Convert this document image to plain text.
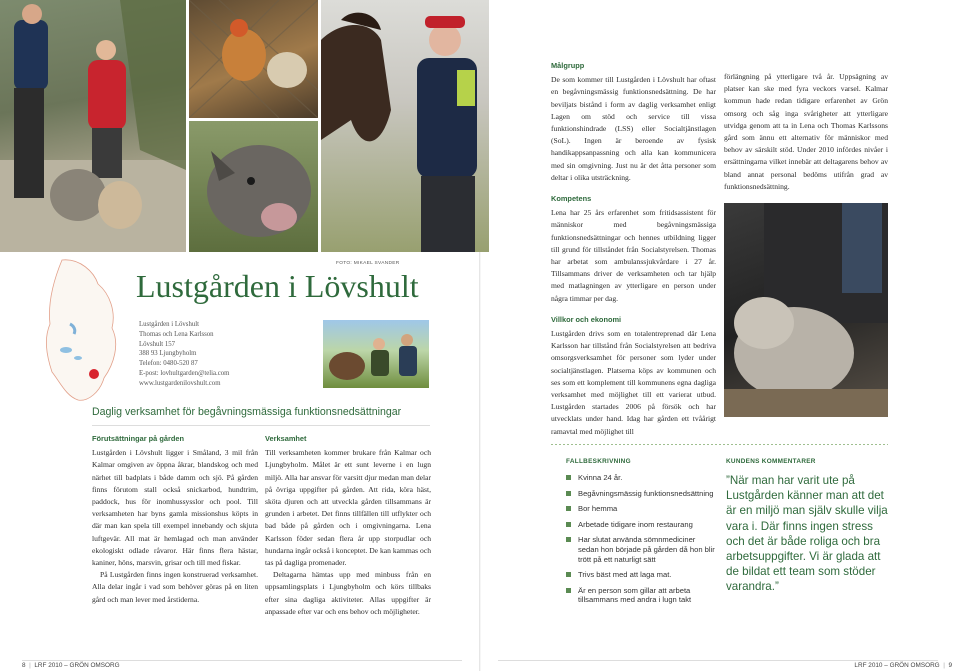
FOTO: MIKAEL SVANDER
Lustgården i Lövshult
Lustgården i Lövshult
Thomas och Lena Karlsson
Lövshult 157
388 93 Ljungbyholm
Telefon: 0480-520 87
E-post: lovhultgarden@telia.com
www.lustgardenilovshult.com
Daglig verksamhet för begåvningsmässiga funktionsnedsättningar
Förutsättningar på gården

Lustgården i Lövshult ligger i Småland, 3 mil från Kalmar omgiven av öppna åkrar, blandskog och med närhet till badplats i både damm och sjö. På gården finns förutom stall också snickarbod, hundtrim, paddock, hus för inomhussysslor och pool. Till verksamheten har byns gamla missionshus köpts in där man kan spela till exempel innebandy och skjuta luftgevär. All mat är hemlagad och man använder ekologiskt odlade råvaror. Här finns flera hästar, kaniner, höns, marsvin, grisar och till med fiskar.

På Lustgården finns ingen konstruerad verksamhet. Alla delar ingår i vad som behöver göras på en liten gård och man lever med årstiderna.

Verksamhet

Till verksamheten kommer brukare från Kalmar och Ljungbyholm. Målet är ett sunt leverne i en lugn miljö. Alla har ansvar för varsitt djur medan man delar på övriga uppgifter på gården. Att rida, köra häst, sköta djuren och att utveckla gården tillsammans är grunden i arbetet. Det finns tillfällen till utflykter och bad både på gården och i omgivningarna. Lena Karlsson föder sedan flera år upp storpudlar och hundarna ingår också i konceptet. De kan kammas och tas på dagliga promenader.

Deltagarna hämtas upp med minbuss från en uppsamlingsplats i Ljungbyholm och körs tillbaks efter sina dagliga aktiviteter. Allas uppgifter är anpassade efter var och ens behov och möjligheter.

Målgrupp

De som kommer till Lustgården i Lövshult har oftast en begåvningsmässig funktionsnedsättning. De har beviljats bistånd i form av daglig verksamhet enligt Lagen om stöd och service till vissa funktionshindrade (LSS) eller Socialtjänstlagen (SoL). Ingen är beroende av fysisk handikappsanpassning och alla kan kommunicera med sin omgivning. Just nu är det åtta personer som deltar i olika utsträckning.

Kompetens

Lena har 25 års erfarenhet som fritidsassistent för människor med begåvningsmässiga funktionsnedsättningar och hennes utbildning ligger till grund för tillståndet från Socialstyrelsen. Thomas har arbetat som ambulanssjukvårdare i 27 år. Tillsammans driver de verksamheten och tar hjälp med matlagningen av ytterligare en person under några timmar per dag.

Villkor och ekonomi

Lustgården drivs som en totalentreprenad där Lena Karlsson har tillstånd från Socialstyrelsen att bedriva omsorgsverksamhet för personer som lyder under socialtjänstlagen. Platserna köps av kommunen och ses som ett komplement till kommunens egna dagliga verksamhet med möjlighet till ett varierat utbud. Lustgården startades 2006 på försök och har utvecklats under hand. Idag har gården ett tvåårigt ramavtal med möjlighet till

förlängning på ytterligare två år. Uppsägning av platser kan ske med fyra veckors varsel. Kalmar kommun hade redan tidigare erfarenhet av Grön omsorg och såg inga svårigheter att ytterligare utvidga genom att ta in Lena och Thomas Karlssons gård som ännu ett alternativ för människor med behov av särskilt stöd. Under 2010 infördes nivåer i ersättningarna vilket innebär att deltagarens behov av bland annat personal bedöms utifrån grad av funktionsnedsättning.

FALLBESKRIVNING
Kvinna 24 år.
Begåvningsmässig funktionsnedsättning
Bor hemma
Arbetade tidigare inom restaurang
Har slutat använda sömnmediciner sedan hon började på gården då hon blir trött på ett naturligt sätt
Trivs bäst med att laga mat.
Är en person som gillar att arbeta tillsammans med andra i lugn takt
KUNDENS KOMMENTARER
”När man har varit ute på Lustgården känner man att det är en miljö man själv skulle vilja vara i. Där finns ingen stress och det är både roliga och bra arbetsuppgifter. Vi är glada att de bildat ett team som stöder varandra.”
8  |  LRF 2010 – GRÖN OMSORG	LRF 2010 – GRÖN OMSORG  |  9
